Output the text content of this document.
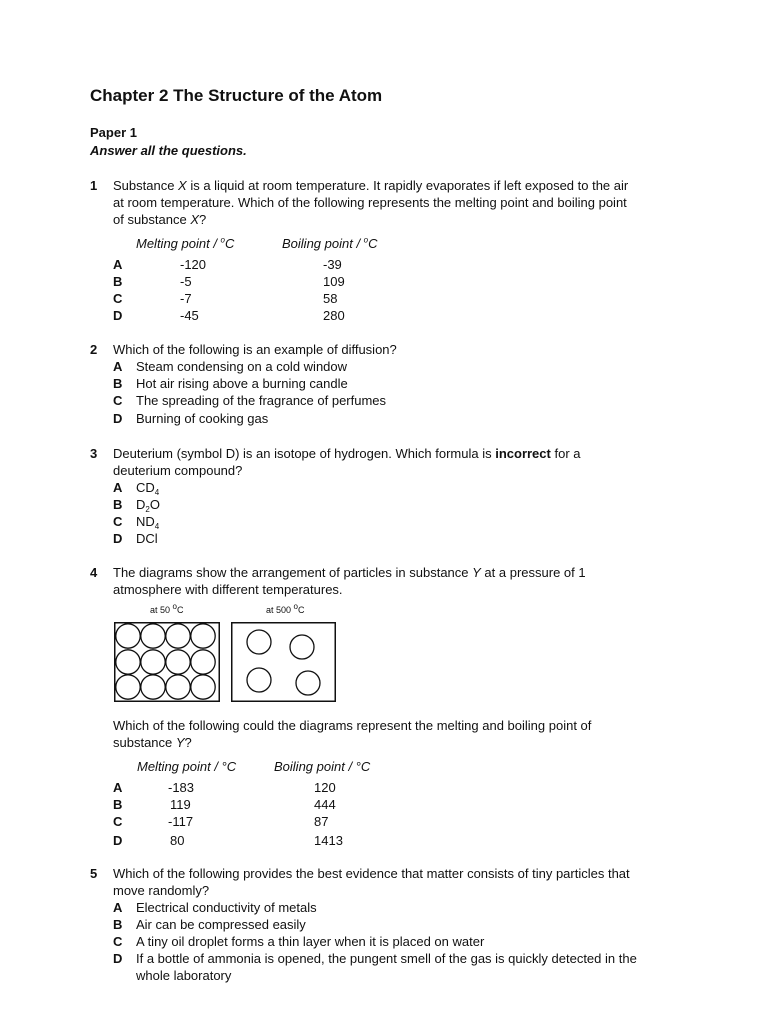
Chapter 2 The Structure of the Atom
Paper 1
Answer all the questions.
1 Substance X is a liquid at room temperature. It rapidly evaporates if left exposed to the air
at room temperature. Which of the following represents the melting point and boiling point
of substance X?
Melting point / $^o$C	Boiling point / $^o$C
A	-120	-39
B	-5	109
C	-7	58
D	-45	280
2 Which of the following is an example of diffusion?
A Steam condensing on a cold window
B Hot air rising above a burning candle
C The spreading of the fragrance of perfumes
D Burning of cooking gas
3 Deuterium (symbol D) is an isotope of hydrogen. Which formula is incorrect for a
deuterium compound?
A $CD_4$
B $D_2O$
C $ND_4$
D DCl
4 The diagrams show the arrangement of particles in substance Y at a pressure of 1
atmosphere with different temperatures.
at 50 $^o$C	at 500 $^o$C
Which of the following could the diagrams represent the melting and boiling point of
substance Y?
Melting point / °C	Boiling point / °C
A	-183	120
B	119	444
C	-117	87
D	80	1413
5 Which of the following provides the best evidence that matter consists of tiny particles that
move randomly?
A Electrical conductivity of metals
B Air can be compressed easily
C A tiny oil droplet forms a thin layer when it is placed on water
D If a bottle of ammonia is opened, the pungent smell of the gas is quickly detected in the
whole laboratory
